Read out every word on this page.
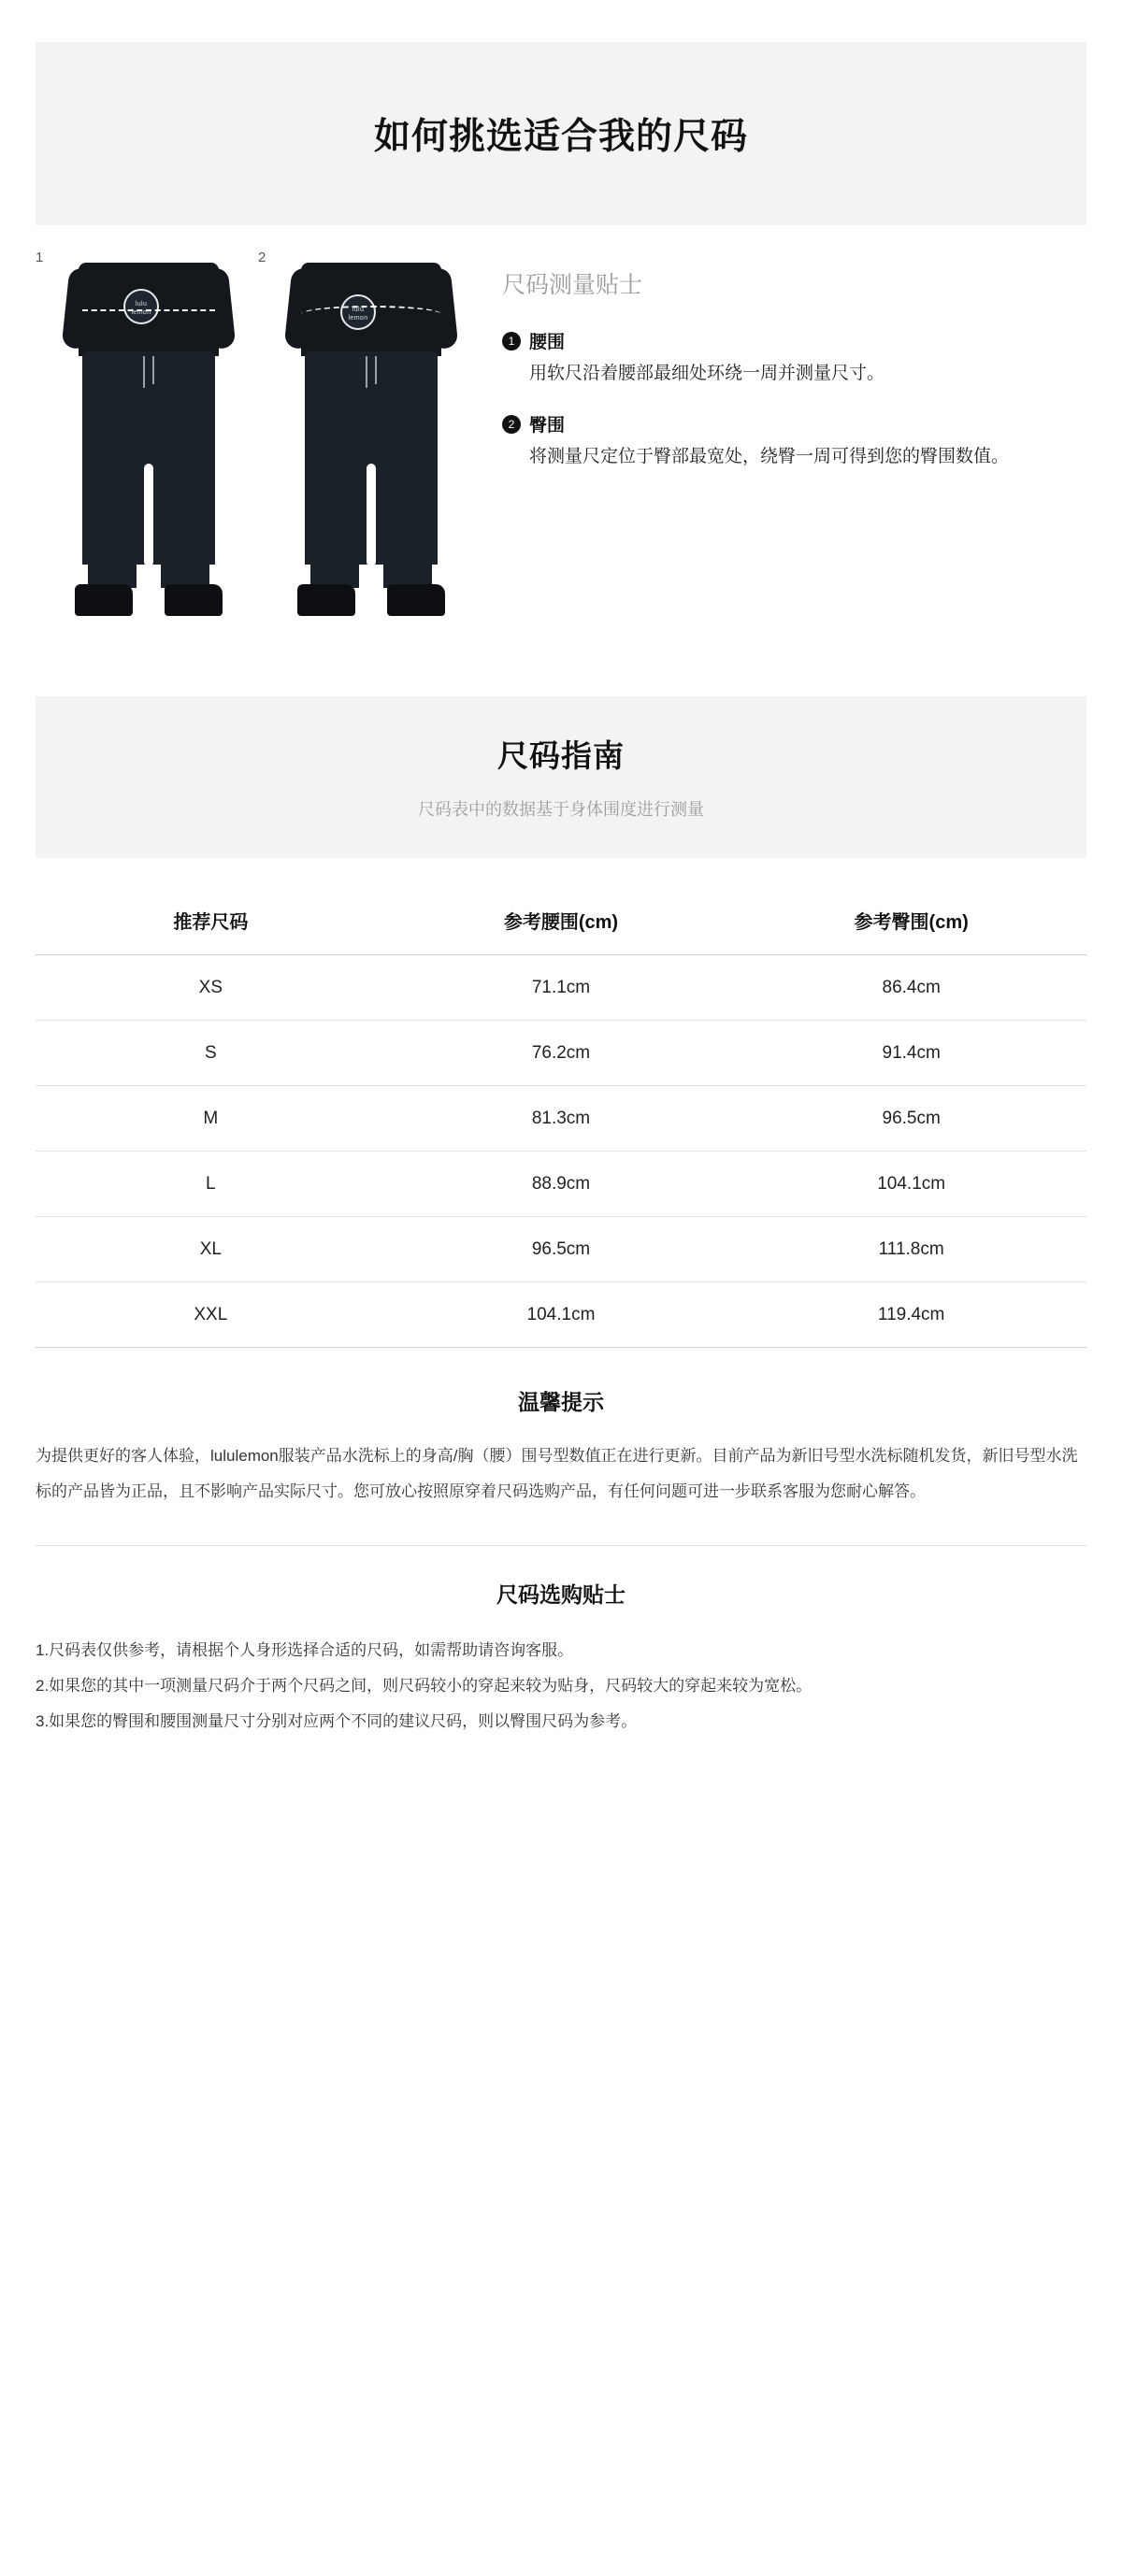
如何挑选适合我的尺码
1
lulu
lemon
2
lulu
lemon
尺码测量贴士
1 腰围
用软尺沿着腰部最细处环绕一周并测量尺寸。
2 臀围
将测量尺定位于臀部最宽处，绕臀一周可得到您的臀围数值。
尺码指南
尺码表中的数据基于身体围度进行测量
推荐尺码	参考腰围(cm)	参考臀围(cm)
XS	71.1cm	86.4cm
S	76.2cm	91.4cm
M	81.3cm	96.5cm
L	88.9cm	104.1cm
XL	96.5cm	111.8cm
XXL	104.1cm	119.4cm
温馨提示
为提供更好的客人体验，lululemon服装产品水洗标上的身高/胸（腰）围号型数值正在进行更新。目前产品为新旧号型水洗标随机发货，新旧号型水洗标的产品皆为正品，且不影响产品实际尺寸。您可放心按照原穿着尺码选购产品，有任何问题可进一步联系客服为您耐心解答。
尺码选购贴士
1.尺码表仅供参考，请根据个人身形选择合适的尺码，如需帮助请咨询客服。
2.如果您的其中一项测量尺码介于两个尺码之间，则尺码较小的穿起来较为贴身，尺码较大的穿起来较为宽松。
3.如果您的臀围和腰围测量尺寸分别对应两个不同的建议尺码，则以臀围尺码为参考。
